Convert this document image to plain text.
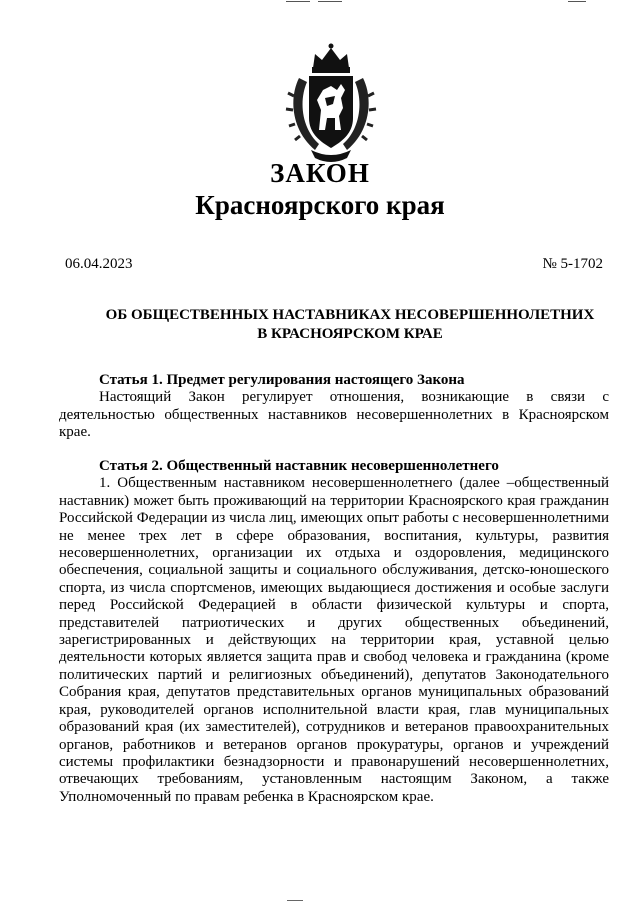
ЗАКОН
Красноярского края
06.04.2023	№ 5-1702
ОБ ОБЩЕСТВЕННЫХ НАСТАВНИКАХ НЕСОВЕРШЕННОЛЕТНИХ
В КРАСНОЯРСКОМ КРАЕ

Статья 1. Предмет регулирования настоящего Закона

Настоящий Закон регулирует отношения, возникающие в связи с деятельностью общественных наставников несовершеннолетних в Красноярском крае.

Статья 2. Общественный наставник несовершеннолетнего

1. Общественным наставником несовершеннолетнего (далее –общественный наставник) может быть проживающий на территории Красноярского края гражданин Российской Федерации из числа лиц, имеющих опыт работы с несовершеннолетними не менее трех лет в сфере образования, воспитания, культуры, развития несовершеннолетних, организации их отдыха и оздоровления, медицинского обеспечения, социальной защиты и социального обслуживания, детско-юношеского спорта, из числа спортсменов, имеющих выдающиеся достижения и особые заслуги перед Российской Федерацией в области физической культуры и спорта, представителей патриотических и других общественных объединений, зарегистрированных и действующих на территории края, уставной целью деятельности которых является защита прав и свобод человека и гражданина (кроме политических партий и религиозных объединений), депутатов Законодательного Собрания края, депутатов представительных органов муниципальных образований края, руководителей органов исполнительной власти края, глав муниципальных образований края (их заместителей), сотрудников и ветеранов правоохранительных органов, работников и ветеранов органов прокуратуры, органов и учреждений системы профилактики безнадзорности и правонарушений несовершеннолетних, отвечающих требованиям, установленным настоящим Законом, а также Уполномоченный по правам ребенка в Красноярском крае.
